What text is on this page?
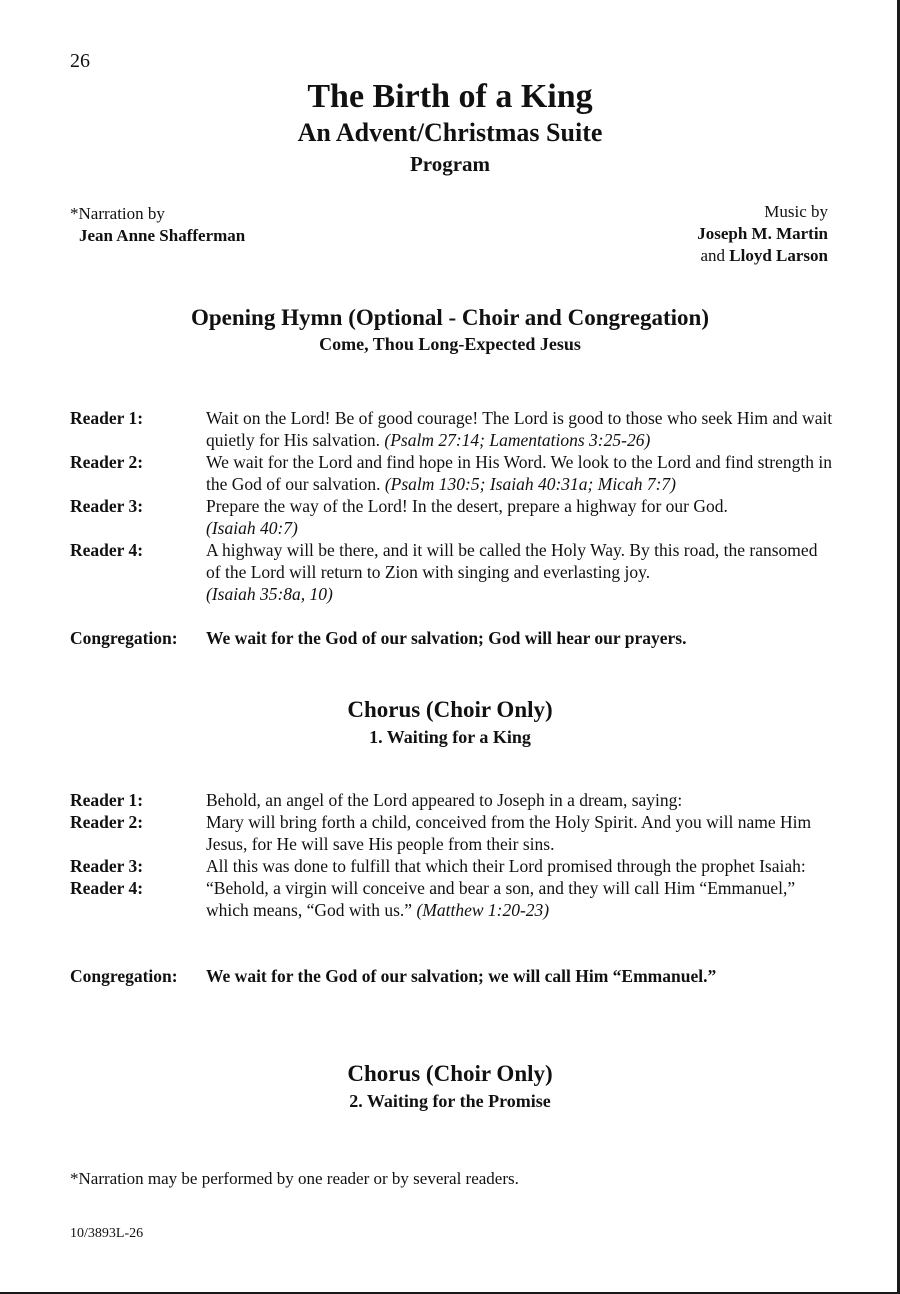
26
The Birth of a King
An Advent/Christmas Suite
Program
*Narration by
Jean Anne Shafferman
Music by
Joseph M. Martin
and Lloyd Larson
Opening Hymn (Optional - Choir and Congregation)
Come, Thou Long-Expected Jesus
Reader 1:	Wait on the Lord! Be of good courage! The Lord is good to those who seek Him and wait quietly for His salvation. (Psalm 27:14; Lamentations 3:25-26)
Reader 2:	We wait for the Lord and find hope in His Word. We look to the Lord and find strength in the God of our salvation. (Psalm 130:5; Isaiah 40:31a; Micah 7:7)
Reader 3:	Prepare the way of the Lord! In the desert, prepare a highway for our God.
(Isaiah 40:7)
Reader 4:	A highway will be there, and it will be called the Holy Way. By this road, the ransomed of the Lord will return to Zion with singing and everlasting joy.
(Isaiah 35:8a, 10)
Congregation:	We wait for the God of our salvation; God will hear our prayers.
Chorus (Choir Only)
1. Waiting for a King
Reader 1:	Behold, an angel of the Lord appeared to Joseph in a dream, saying:
Reader 2:	Mary will bring forth a child, conceived from the Holy Spirit. And you will name Him Jesus, for He will save His people from their sins.
Reader 3:	All this was done to fulfill that which their Lord promised through the prophet Isaiah:
Reader 4:	“Behold, a virgin will conceive and bear a son, and they will call Him “Emmanuel,” which means, “God with us.” (Matthew 1:20-23)
Congregation:	We wait for the God of our salvation; we will call Him “Emmanuel.”
Chorus (Choir Only)
2. Waiting for the Promise
*Narration may be performed by one reader or by several readers.
10/3893L-26
